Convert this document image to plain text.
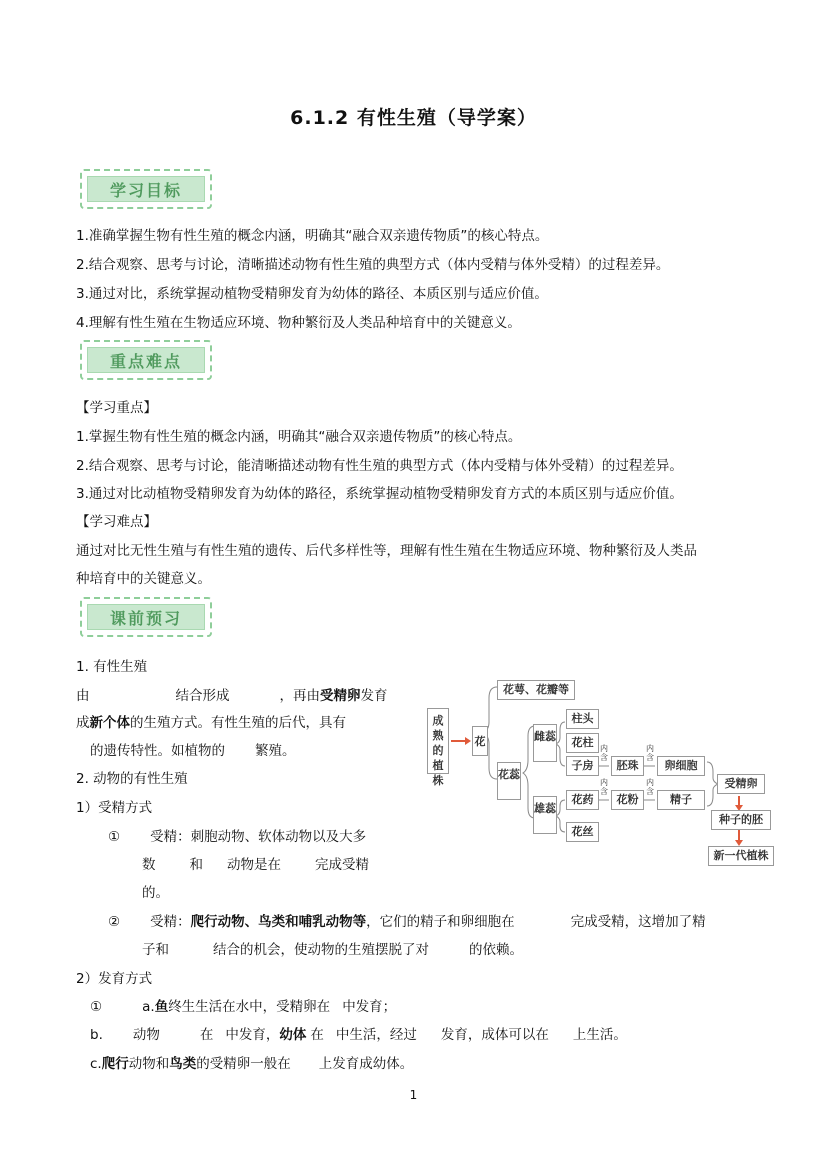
6.1.2 有性生殖（导学案）
学习目标
1.准确掌握生物有性生殖的概念内涵，明确其“融合双亲遗传物质”的核心特点。
2.结合观察、思考与讨论，清晰描述动物有性生殖的典型方式（体内受精与体外受精）的过程差异。
3.通过对比，系统掌握动植物受精卵发育为幼体的路径、本质区别与适应价值。
4.理解有性生殖在生物适应环境、物种繁衍及人类品种培育中的关键意义。
重点难点
【学习重点】
1.掌握生物有性生殖的概念内涵，明确其“融合双亲遗传物质”的核心特点。
2.结合观察、思考与讨论，能清晰描述动物有性生殖的典型方式（体内受精与体外受精）的过程差异。
3.通过对比动植物受精卵发育为幼体的路径，系统掌握动植物受精卵发育方式的本质区别与适应价值。
【学习难点】
通过对比无性生殖与有性生殖的遗传、后代多样性等，理解有性生殖在生物适应环境、物种繁衍及人类品
种培育中的关键意义。
课前预习
1. 有性生殖
由	结合形成	，再由受精卵发育
成新个体的生殖方式。有性生殖的后代，具有
的遗传特性。如植物的 繁殖。
2. 动物的有性生殖
1）受精方式
① 受精：刺胞动物、软体动物以及大多
数	和 动物是在	完成受精
的。
② 受精：爬行动物、鸟类和哺乳动物等，它们的精子和卵细胞在	完成受精，这增加了精
子和	结合的机会，使动物的生殖摆脱了对	的依赖。
2）发育方式
①	a.鱼终生生活在水中，受精卵在 中发育；
b. 动物	在 中发育，幼体 在 中生活，经过 发育，成体可以在 上生活。
c.爬行动物和鸟类的受精卵一般在 上发育成幼体。
成熟的植株
花
花萼、花瓣等
花蕊
雌蕊
雄蕊
柱头
花柱
子房
内含
胚珠
内含
卵细胞
花药
花丝
内含
花粉
内含
精子
受精卵
种子的胚
新一代植株
1
